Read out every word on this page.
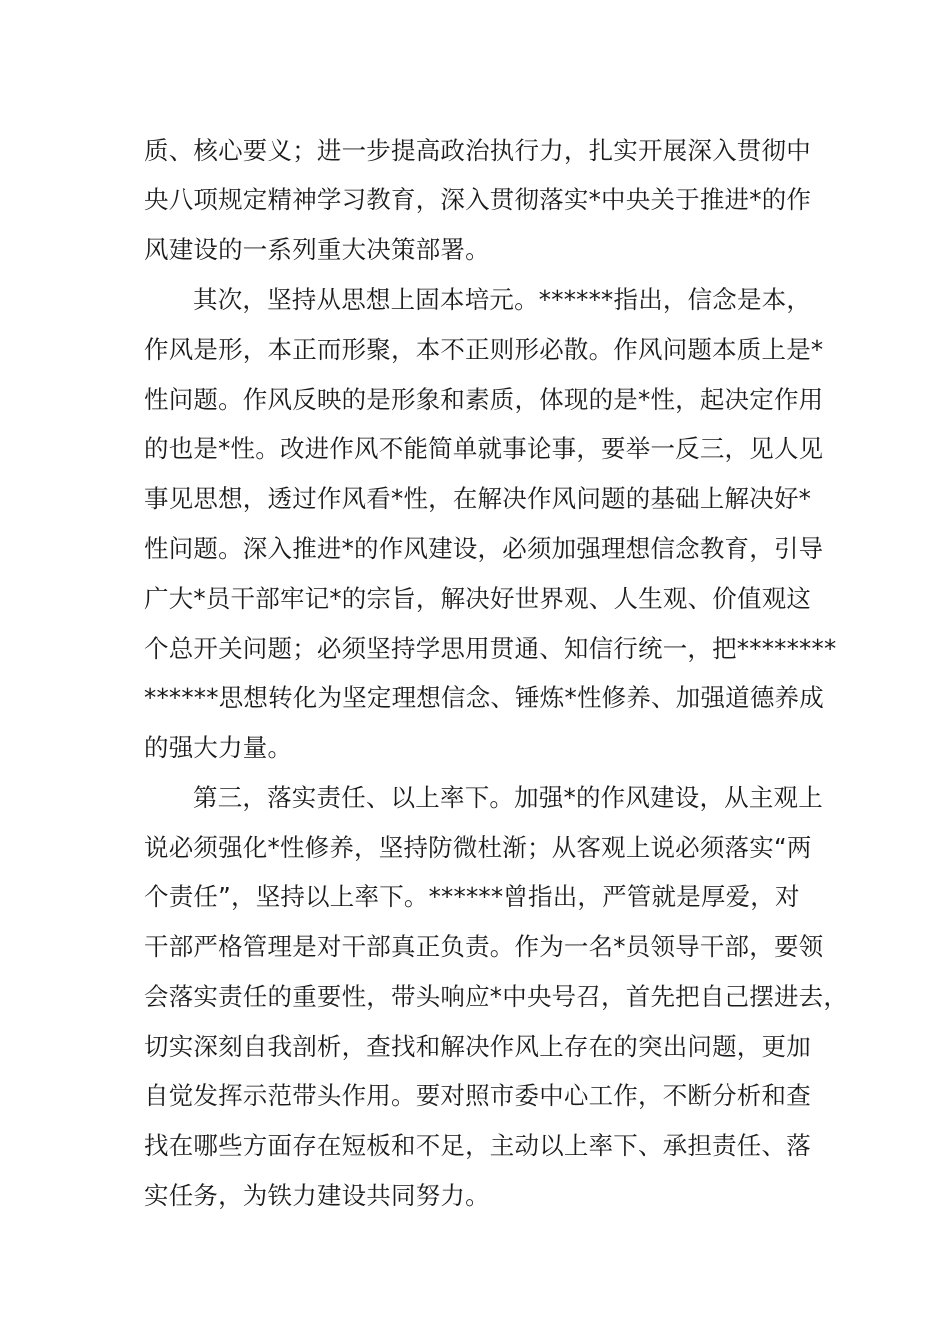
质、核心要义；进一步提高政治执行力，扎实开展深入贯彻中
央八项规定精神学习教育，深入贯彻落实*中央关于推进*的作
风建设的一系列重大决策部署。
其次，坚持从思想上固本培元。******指出，信念是本，
作风是形，本正而形聚，本不正则形必散。作风问题本质上是*
性问题。作风反映的是形象和素质，体现的是*性，起决定作用
的也是*性。改进作风不能简单就事论事，要举一反三，见人见
事见思想，透过作风看*性，在解决作风问题的基础上解决好*
性问题。深入推进*的作风建设，必须加强理想信念教育，引导
广大*员干部牢记*的宗旨，解决好世界观、人生观、价值观这
个总开关问题；必须坚持学思用贯通、知信行统一，把********
******思想转化为坚定理想信念、锤炼*性修养、加强道德养成
的强大力量。
第三，落实责任、以上率下。加强*的作风建设，从主观上
说必须强化*性修养，坚持防微杜渐；从客观上说必须落实“两
个责任”，坚持以上率下。******曾指出，严管就是厚爱，对
干部严格管理是对干部真正负责。作为一名*员领导干部，要领
会落实责任的重要性，带头响应*中央号召，首先把自己摆进去，
切实深刻自我剖析，查找和解决作风上存在的突出问题，更加
自觉发挥示范带头作用。要对照市委中心工作，不断分析和查
找在哪些方面存在短板和不足，主动以上率下、承担责任、落
实任务，为铁力建设共同努力。
